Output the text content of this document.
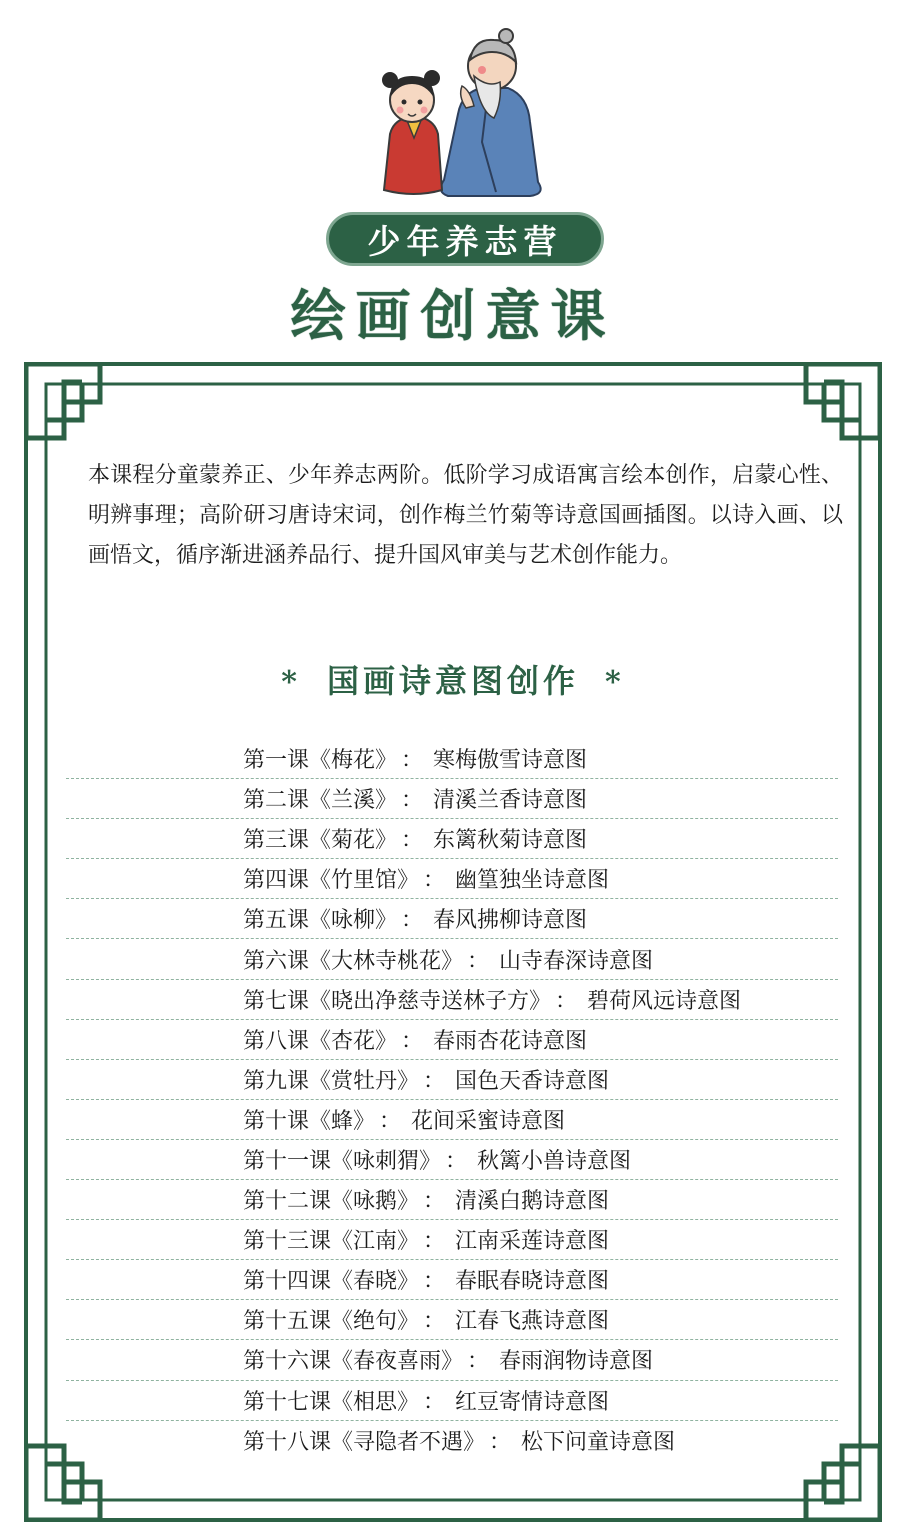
少年养志营
绘画创意课
本课程分童蒙养正、少年养志两阶。低阶学习成语寓言绘本创作，启蒙心性、明辨事理；高阶研习唐诗宋词，创作梅兰竹菊等诗意国画插图。以诗入画、以画悟文，循序渐进涵养品行、提升国风审美与艺术创作能力。
* 国画诗意图创作 *
第一课 《梅花》 ： 寒梅傲雪诗意图
第二课 《兰溪》 ： 清溪兰香诗意图
第三课 《菊花》 ： 东篱秋菊诗意图
第四课 《竹里馆》 ： 幽篁独坐诗意图
第五课 《咏柳》 ： 春风拂柳诗意图
第六课 《大林寺桃花》 ： 山寺春深诗意图
第七课 《晓出净慈寺送林子方》 ： 碧荷风远诗意图
第八课 《杏花》 ： 春雨杏花诗意图
第九课 《赏牡丹》 ： 国色天香诗意图
第十课 《蜂》 ： 花间采蜜诗意图
第十一课 《咏刺猬》 ： 秋篱小兽诗意图
第十二课 《咏鹅》 ： 清溪白鹅诗意图
第十三课 《江南》 ： 江南采莲诗意图
第十四课 《春晓》 ： 春眠春晓诗意图
第十五课 《绝句》 ： 江春飞燕诗意图
第十六课 《春夜喜雨》 ： 春雨润物诗意图
第十七课 《相思》 ： 红豆寄情诗意图
第十八课 《寻隐者不遇》 ： 松下问童诗意图
